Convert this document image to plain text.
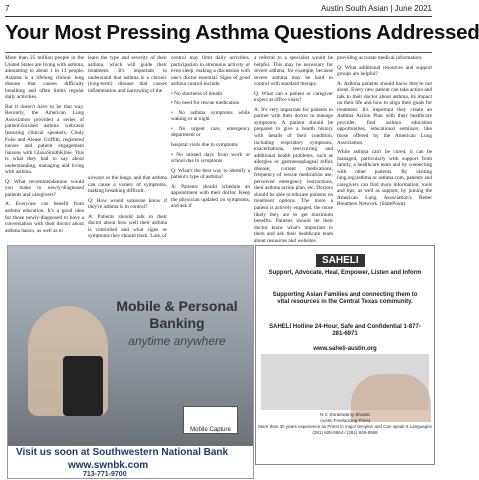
7	Austin South Asian | June 2021
Your Most Pressing Asthma Questions Addressed

More than 25 million people in the United States are living with asthma, amounting to about 1 in 13 people. Asthma is a lifelong chronic lung disease that causes difficulty breathing and often limits regular daily activities.

But it doesn't have to be that way. Recently, the American Lung Association provided a series of patient-focused asthma webcasts featuring clinical speakers, Cindy Fuke and Alease Griffith, registered nurses and patient engagement liaisons with GlaxoSmithKline. This is what they had to say about understanding, managing and living with asthma.

Q: What recommendations would you make to newly-diagnosed patients and caregivers?

A: Everyone can benefit from asthma education. It's a good idea for those newly-diagnosed to have a conversation with their doctor about asthma basics, as well as to

learn the type and severity of their asthma, which will guide their treatment. It's important to understand that asthma is a chronic (long-term) disease that causes inflammation and narrowing of the

airways or the lungs, and that asthma can cause a variety of symptoms, making breathing difficult.

Q: How would someone know if they're asthma is in control?

A: Patients should talk to their doctor about how well their asthma is controlled and what signs or symptoms they should track. Lack of

control may limit daily activities, participation in strenuous activity or even sleep, making a discussion with one's doctor essential. Signs of good asthma control include:

• No shortness of breath

• No need for rescue medication

• No asthma symptoms while waking or at night

• No urgent care, emergency department or

hospital visits due to symptoms

• No missed days from work or school due to symptoms

Q: What's the best way to identify a patient's type of asthma?

A: Patients should schedule an appointment with their doctor. Keep the physician updated on symptoms, and ask if

a referral to a specialist would be helpful. This may be necessary for severe asthma, for example, because severe asthma may be hard to control with standard therapy.

Q: What can a patient or caregiver expect at office visits?

A: It's very important for patients to partner with their doctor to manage symptoms. A patient should be prepared to give a health history with details of their condition, including respiratory symptoms, exacerbations, reoccurring and additional health problems, such as allergies or gastroesophageal reflux disease, current medications, frequency of rescue medication use, perceived emergency instructions, their asthma action plan, etc. Doctors should be able to educate patients on treatment options. The more a patient is actively engaged, the more likely they are to get maximum benefits. Patients should let their doctor know what's important to them and ask their healthcare team about resources and websites

providing accurate medical information.

Q: What additional resources and support groups are helpful?

A: Asthma patients should know they're not alone. Every new patient can take action and talk to their doctor about asthma, its impact on their life and how to align their goals for treatment. It's important they create an Asthma Action Plan with their healthcare provider, find asthma education opportunities, educational seminars, like those offered by the American Lung Association.

While asthma can't be cured, it can be managed, particularly with support from family, a healthcare team and by connecting with other patients. By visiting lung.org/asthma or asthma.com, patients and caregivers can find more information, tools and tips, as well as support, by joining the American Lung Association's Better Breathers Network. (StatePoint)

Mobile & Personal Banking
anytime anywhere
Mobile Capture
Visit us soon at Southwestern National Bank
www.swnbk.com
713-771-9700
SAHELI
Support, Advocate, Heal, Empower, Listen and Inform
Supporting Asian Families and connecting them to vital resources in the Central Texas community.
SAHELI Hotline 24-Hour, Safe and Confidential 1-877-281-6971
www.saheli-austin.org
N.V. Doraiswamy Bhattar
Austin Freelancing Priest
More than 30 years experience as Priest in major temples and Can speak 5 Languages
(281) 608-0864 / (281) 848-8968
